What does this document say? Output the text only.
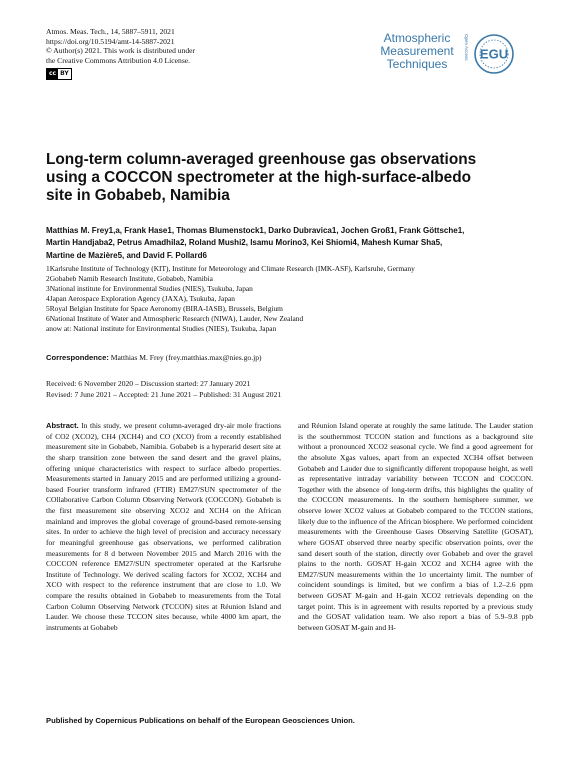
Atmos. Meas. Tech., 14, 5887–5911, 2021
https://doi.org/10.5194/amt-14-5887-2021
© Author(s) 2021. This work is distributed under
the Creative Commons Attribution 4.0 License.
cc BY
Atmospheric
Measurement
Techniques
Open Access EGU
Long-term column-averaged greenhouse gas observations
using a COCCON spectrometer at the high-surface-albedo
site in Gobabeb, Namibia
Matthias M. Frey1,a, Frank Hase1, Thomas Blumenstock1, Darko Dubravica1, Jochen Groß1, Frank Göttsche1,
Martin Handjaba2, Petrus Amadhila2, Roland Mushi2, Isamu Morino3, Kei Shiomi4, Mahesh Kumar Sha5,
Martine de Mazière5, and David F. Pollard6
1Karlsruhe Institute of Technology (KIT), Institute for Meteorology and Climate Research (IMK-ASF), Karlsruhe, Germany
2Gobabeb Namib Research Institute, Gobabeb, Namibia
3National institute for Environmental Studies (NIES), Tsukuba, Japan
4Japan Aerospace Exploration Agency (JAXA), Tsukuba, Japan
5Royal Belgian Institute for Space Aeronomy (BIRA-IASB), Brussels, Belgium
6National Institute of Water and Atmospheric Research (NIWA), Lauder, New Zealand
anow at: National institute for Environmental Studies (NIES), Tsukuba, Japan
Correspondence: Matthias M. Frey (frey.matthias.max@nies.go.jp)
Received: 6 November 2020 – Discussion started: 27 January 2021
Revised: 7 June 2021 – Accepted: 21 June 2021 – Published: 31 August 2021

Abstract. In this study, we present column-averaged dry-air mole fractions of CO2 (XCO2), CH4 (XCH4) and CO (XCO) from a recently established measurement site in Gobabeb, Namibia. Gobabeb is a hyperarid desert site at the sharp transition zone between the sand desert and the gravel plains, offering unique characteristics with respect to surface albedo properties. Measurements started in January 2015 and are performed utilizing a ground-based Fourier transform infrared (FTIR) EM27/SUN spectrometer of the COllaborative Carbon Column Observing Network (COCCON). Gobabeb is the first measurement site observing XCO2 and XCH4 on the African mainland and improves the global coverage of ground-based remote-sensing sites. In order to achieve the high level of precision and accuracy necessary for meaningful greenhouse gas observations, we performed calibration measurements for 8 d between November 2015 and March 2016 with the COCCON reference EM27/SUN spectrometer operated at the Karlsruhe Institute of Technology. We derived scaling factors for XCO2, XCH4 and XCO with respect to the reference instrument that are close to 1.0. We compare the results obtained in Gobabeb to measurements from the Total Carbon Column Observing Network (TCCON) sites at Réunion Island and Lauder. We choose these TCCON sites because, while 4000 km apart, the instruments at Gobabeb

and Réunion Island operate at roughly the same latitude. The Lauder station is the southernmost TCCON station and functions as a background site without a pronounced XCO2 seasonal cycle. We find a good agreement for the absolute Xgas values, apart from an expected XCH4 offset between Gobabeb and Lauder due to significantly different tropopause height, as well as representative intraday variability between TCCON and COCCON. Together with the absence of long-term drifts, this highlights the quality of the COCCON measurements. In the southern hemisphere summer, we observe lower XCO2 values at Gobabeb compared to the TCCON stations, likely due to the influence of the African biosphere. We performed coincident measurements with the Greenhouse Gases Observing Satellite (GOSAT), where GOSAT observed three nearby specific observation points, over the sand desert south of the station, directly over Gobabeb and over the gravel plains to the north. GOSAT H-gain XCO2 and XCH4 agree with the EM27/SUN measurements within the 1σ uncertainty limit. The number of coincident soundings is limited, but we confirm a bias of 1.2–2.6 ppm between GOSAT M-gain and H-gain XCO2 retrievals depending on the target point. This is in agreement with results reported by a previous study and the GOSAT validation team. We also report a bias of 5.9–9.8 ppb between GOSAT M-gain and H-

Published by Copernicus Publications on behalf of the European Geosciences Union.
